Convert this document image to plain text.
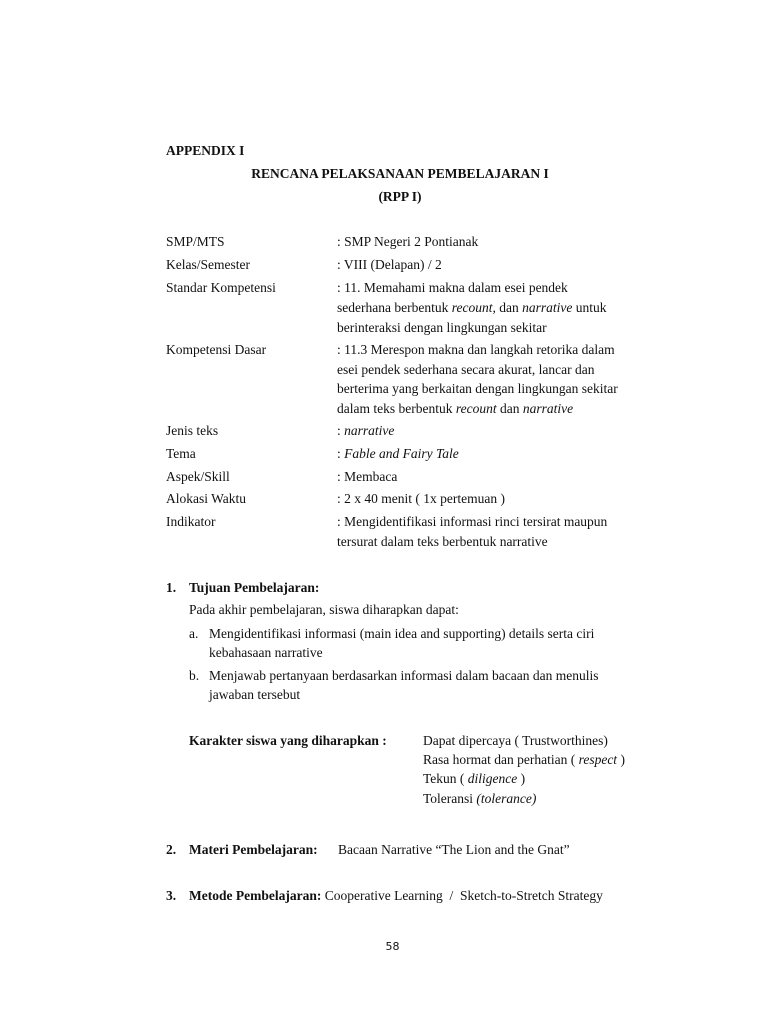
APPENDIX I
RENCANA PELAKSANAAN PEMBELAJARAN I
(RPP I)
SMP/MTS	: SMP Negeri 2 Pontianak
Kelas/Semester	: VIII (Delapan) / 2
Standar Kompetensi	: 11. Memahami makna dalam esei pendek
sederhana berbentuk recount, dan narrative untuk
berinteraksi dengan lingkungan sekitar
Kompetensi Dasar	: 11.3 Merespon makna dan langkah retorika dalam
esei pendek sederhana secara akurat, lancar dan
berterima yang berkaitan dengan lingkungan sekitar
dalam teks berbentuk recount dan narrative
Jenis teks	: narrative
Tema	: Fable and Fairy Tale
Aspek/Skill	: Membaca
Alokasi Waktu	: 2 x 40 menit ( 1x pertemuan )
Indikator	: Mengidentifikasi informasi rinci tersirat maupun
tersurat dalam teks berbentuk narrative
1. Tujuan Pembelajaran:
Pada akhir pembelajaran, siswa diharapkan dapat:
a. Mengidentifikasi informasi (main idea and supporting) details serta ciri
kebahasaan narrative
b. Menjawab pertanyaan berdasarkan informasi dalam bacaan dan menulis
jawaban tersebut
Karakter siswa yang diharapkan :	Dapat dipercaya ( Trustworthines)
Rasa hormat dan perhatian ( respect )
Tekun ( diligence )
Toleransi (tolerance)
2. Materi Pembelajaran: Bacaan Narrative “The Lion and the Gnat”
3. Metode Pembelajaran: Cooperative Learning  /  Sketch-to-Stretch Strategy
58
